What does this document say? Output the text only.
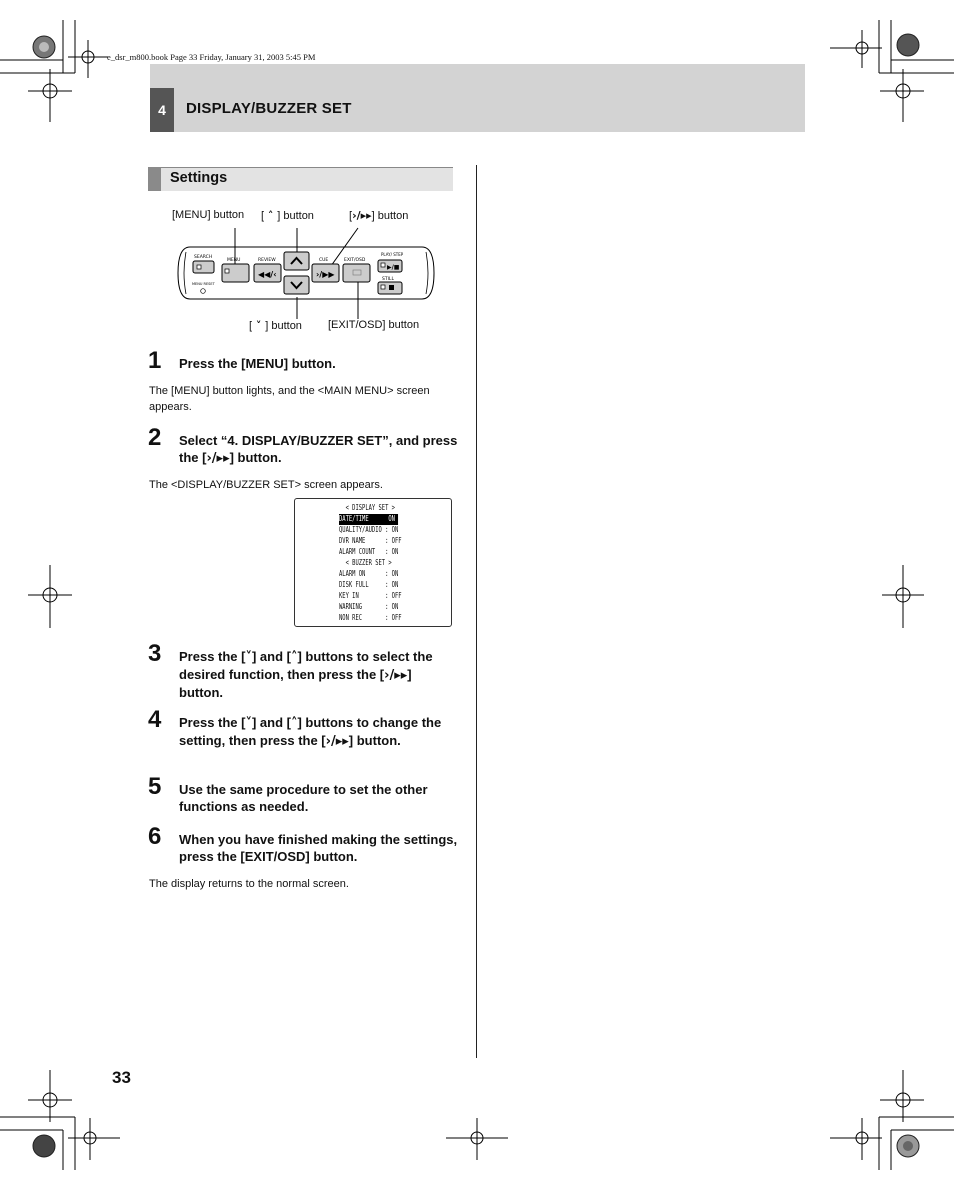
e_dsr_m800.book Page 33 Friday, January 31, 2003 5:45 PM
4	DISPLAY/BUZZER SET
Settings
[MENU] button [ ˄ ] button	[›/▸▸] button
[ ˅ ] button [EXIT/OSD] button
SEARCH
MENU	REVIEW	CUE	EXIT/OSD
PLAY/ STEP
STILL
MENU RESET
◀◀/‹	›/▶▶
▶/■
1 Press the [MENU] button.
The [MENU] button lights, and the <MAIN MENU> screen appears.
2 Select “4. DISPLAY/BUZZER SET”, and press the [›/▸▸] button.
The <DISPLAY/BUZZER SET> screen appears.
< DISPLAY SET >
DATE/TIME      ON
QUALITY/AUDIO : ON
DVR NAME      : OFF
ALARM COUNT   : ON
< BUZZER SET >
ALARM ON      : ON
DISK FULL     : ON
KEY IN        : OFF
WARNING       : ON
NON REC       : OFF
3 Press the [˅] and [˄] buttons to select the desired function, then press the [›/▸▸] button.
4 Press the [˅] and [˄] buttons to change the setting, then press the [›/▸▸] button.
5 Use the same procedure to set the other functions as needed.
6 When you have finished making the settings, press the [EXIT/OSD] button.
The display returns to the normal screen.
33
